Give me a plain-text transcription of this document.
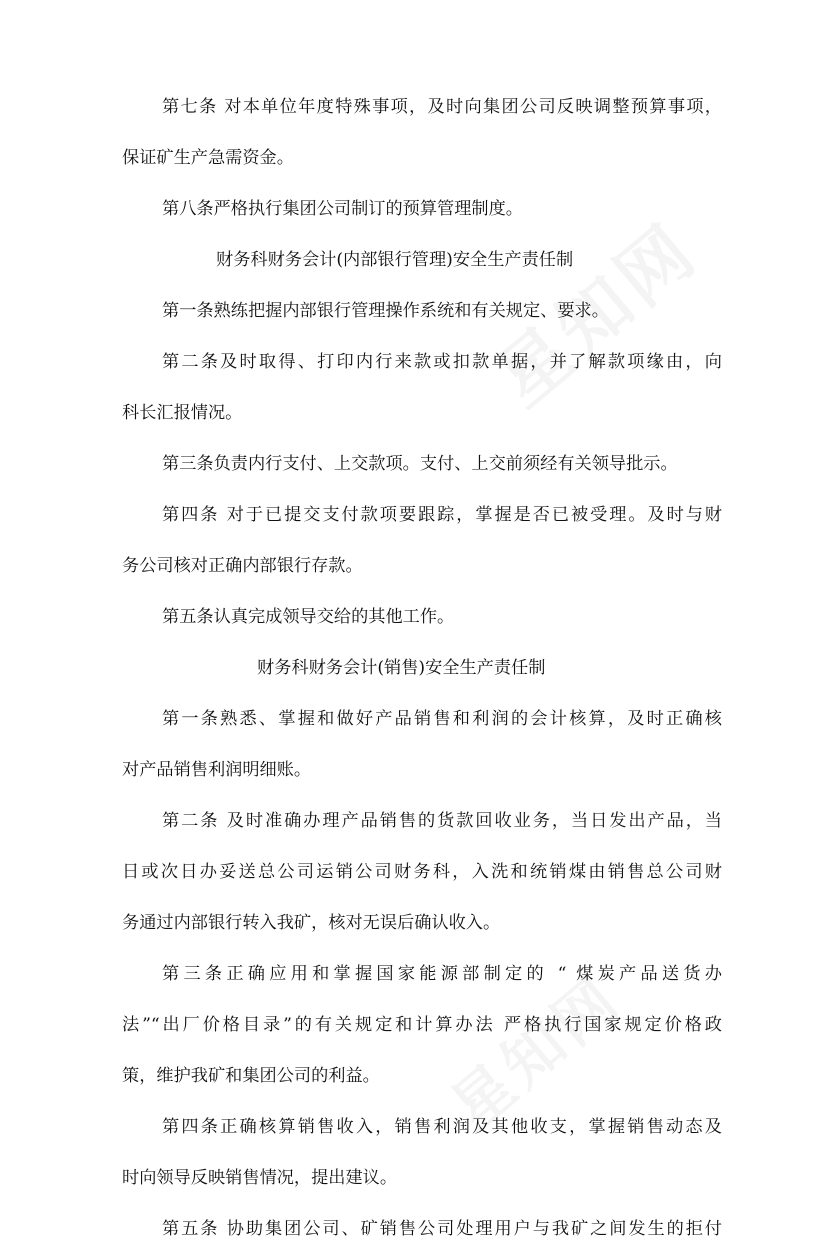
第七条 对本单位年度特殊事项，及时向集团公司反映调整预算事项，
保证矿生产急需资金。
第八条严格执行集团公司制订的预算管理制度。
财务科财务会计(内部银行管理)安全生产责任制
第一条熟练把握内部银行管理操作系统和有关规定、要求。
第二条及时取得、打印内行来款或扣款单据，并了解款项缘由，向
科长汇报情况。
第三条负责内行支付、上交款项。支付、上交前须经有关领导批示。
第四条 对于已提交支付款项要跟踪，掌握是否已被受理。及时与财
务公司核对正确内部银行存款。
第五条认真完成领导交给的其他工作。
财务科财务会计(销售)安全生产责任制
第一条熟悉、掌握和做好产品销售和利润的会计核算，及时正确核
对产品销售利润明细账。
第二条 及时准确办理产品销售的货款回收业务，当日发出产品，当
日或次日办妥送总公司运销公司财务科，入洗和统销煤由销售总公司财
务通过内部银行转入我矿，核对无误后确认收入。
第三条正确应用和掌握国家能源部制定的 “ 煤炭产品送货办
法”“出厂价格目录”的有关规定和计算办法 严格执行国家规定价格政
策，维护我矿和集团公司的利益。
第四条正确核算销售收入，销售利润及其他收支，掌握销售动态及
时向领导反映销售情况，提出建议。
第五条 协助集团公司、矿销售公司处理用户与我矿之间发生的拒付
